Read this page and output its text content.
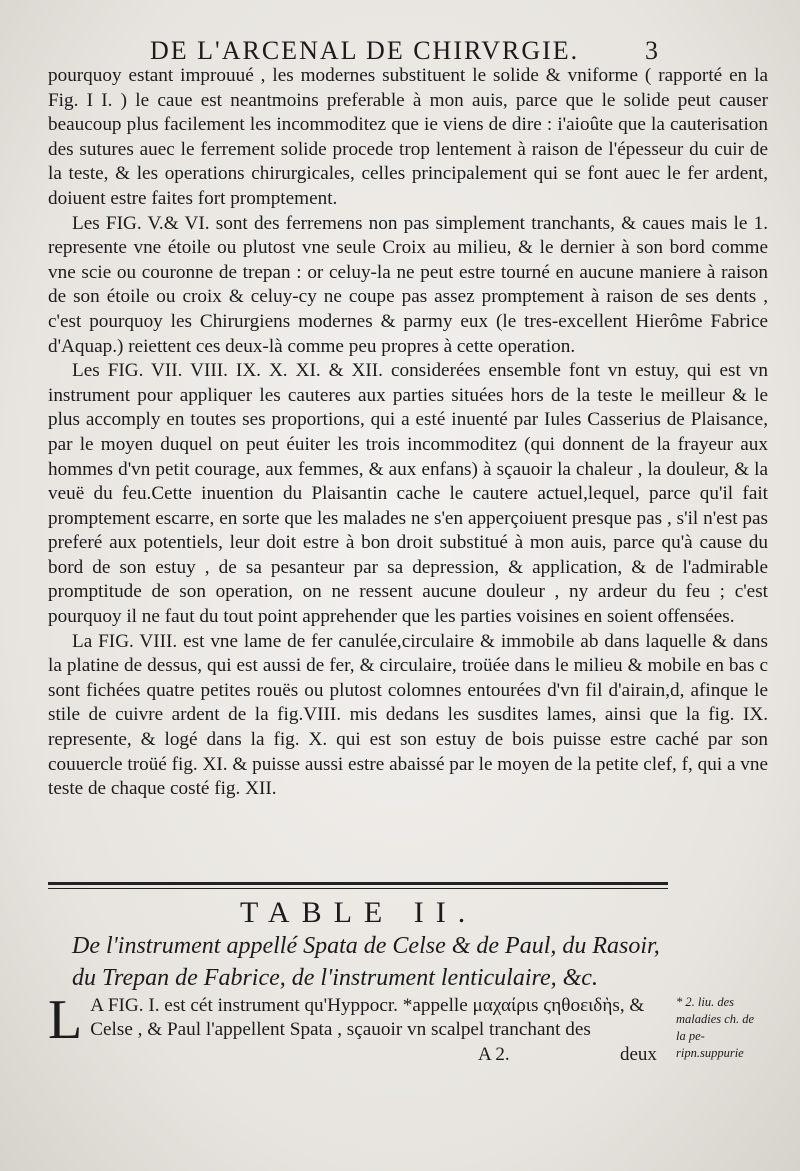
DE L'ARCENAL DE CHIRVRGIE.	3

pourquoy estant improuué , les modernes substituent le solide & vniforme ( rapporté en la Fig. I I. ) le caue est neantmoins preferable à mon auis, parce que le solide peut causer beaucoup plus facilement les incommoditez que ie viens de dire : i'aioûte que la cauterisation des sutures auec le ferrement solide procede trop lentement à raison de l'épesseur du cuir de la teste, & les operations chirurgicales, celles principalement qui se font auec le fer ardent, doiuent estre faites fort promptement.

Les FIG. V.& VI. sont des ferremens non pas simplement tranchants, & caues mais le 1. represente vne étoile ou plutost vne seule Croix au milieu, & le dernier à son bord comme vne scie ou couronne de trepan : or celuy-la ne peut estre tourné en aucune maniere à raison de son étoile ou croix & celuy-cy ne coupe pas assez promptement à raison de ses dents , c'est pourquoy les Chirurgiens modernes & parmy eux (le tres-excellent Hierôme Fabrice d'Aquap.) reiettent ces deux-là comme peu propres à cette operation.

Les FIG. VII. VIII. IX. X. XI. & XII. considerées ensemble font vn estuy, qui est vn instrument pour appliquer les cauteres aux parties situées hors de la teste le meilleur & le plus accomply en toutes ses proportions, qui a esté inuenté par Iules Casserius de Plaisance, par le moyen duquel on peut éuiter les trois incommoditez (qui donnent de la frayeur aux hommes d'vn petit courage, aux femmes, & aux enfans) à sçauoir la chaleur , la douleur, & la veuë du feu.Cette inuention du Plaisantin cache le cautere actuel,lequel, parce qu'il fait promptement escarre, en sorte que les malades ne s'en apperçoiuent presque pas , s'il n'est pas preferé aux potentiels, leur doit estre à bon droit substitué à mon auis, parce qu'à cause du bord de son estuy , de sa pesanteur par sa depression, & application, & de l'admirable promptitude de son operation, on ne ressent aucune douleur , ny ardeur du feu ; c'est pourquoy il ne faut du tout point apprehender que les parties voisines en soient offensées.

La FIG. VIII. est vne lame de fer canulée,circulaire & immobile ab dans laquelle & dans la platine de dessus, qui est aussi de fer, & circulaire, troüée dans le milieu & mobile en bas c sont fichées quatre petites rouës ou plutost colomnes entourées d'vn fil d'airain,d, afinque le stile de cuivre ardent de la fig.VIII. mis dedans les susdites lames, ainsi que la fig. IX. represente, & logé dans la fig. X. qui est son estuy de bois puisse estre caché par son couuercle troüé fig. XI. & puisse aussi estre abaissé par le moyen de la petite clef, f, qui a vne teste de chaque costé fig. XII.

TABLE II.
De l'instrument appellé Spata de Celse & de Paul, du Rasoir, du Trepan de Fabrice, de l'instrument lenticulaire, &c.
L A FIG. I. est cét instrument qu'Hyppocr. *appelle μαχαίριs ϛηθοειδὴs, & Celse , & Paul l'appellent Spata , sçauoir vn scalpel tranchant des
A 2.	deux
* 2. liu. des maladies ch. de la pe-
ripn.suppurie
